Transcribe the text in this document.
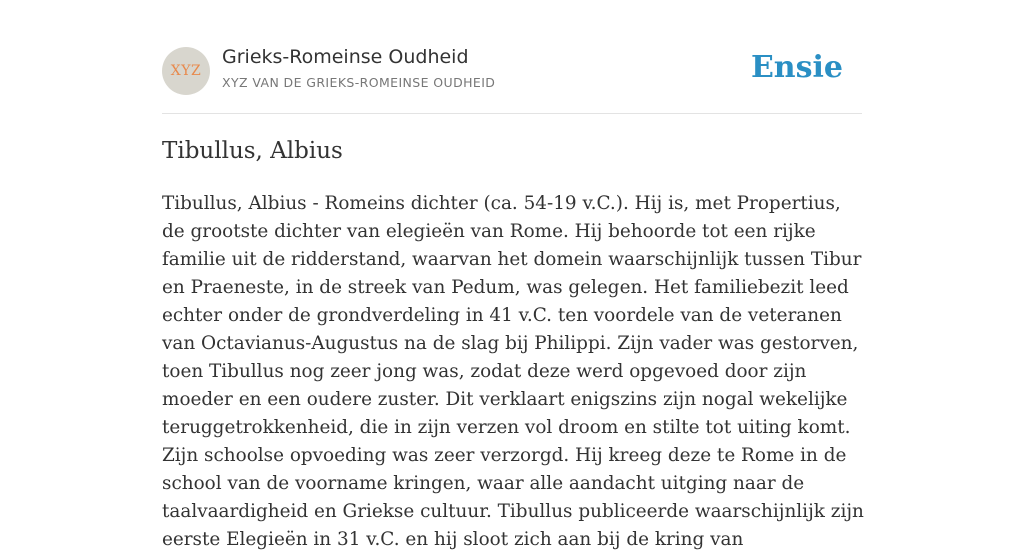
XYZ
Grieks-Romeinse Oudheid
XYZ VAN DE GRIEKS-ROMEINSE OUDHEID	Ensie
Tibullus, Albius

Tibullus, Albius - Romeins dichter (ca. 54-19 v.C.). Hij is, met Propertius, de grootste dichter van elegieën van Rome. Hij behoorde tot een rijke familie uit de ridderstand, waarvan het domein waarschijnlijk tussen Tibur en Praeneste, in de streek van Pedum, was gelegen. Het familiebezit leed echter onder de grondverdeling in 41 v.C. ten voordele van de veteranen van Octavianus-Augustus na de slag bij Philippi. Zijn vader was gestorven, toen Tibullus nog zeer jong was, zodat deze werd opgevoed door zijn moeder en een oudere zuster. Dit verklaart enigszins zijn nogal wekelijke teruggetrokkenheid, die in zijn verzen vol droom en stilte tot uiting komt. Zijn schoolse opvoeding was zeer verzorgd. Hij kreeg deze te Rome in de school van de voorname kringen, waar alle aandacht uitging naar de taalvaardigheid en Griekse cultuur. Tibullus publiceerde waarschijnlijk zijn eerste Elegieën in 31 v.C. en hij sloot zich aan bij de kring van
